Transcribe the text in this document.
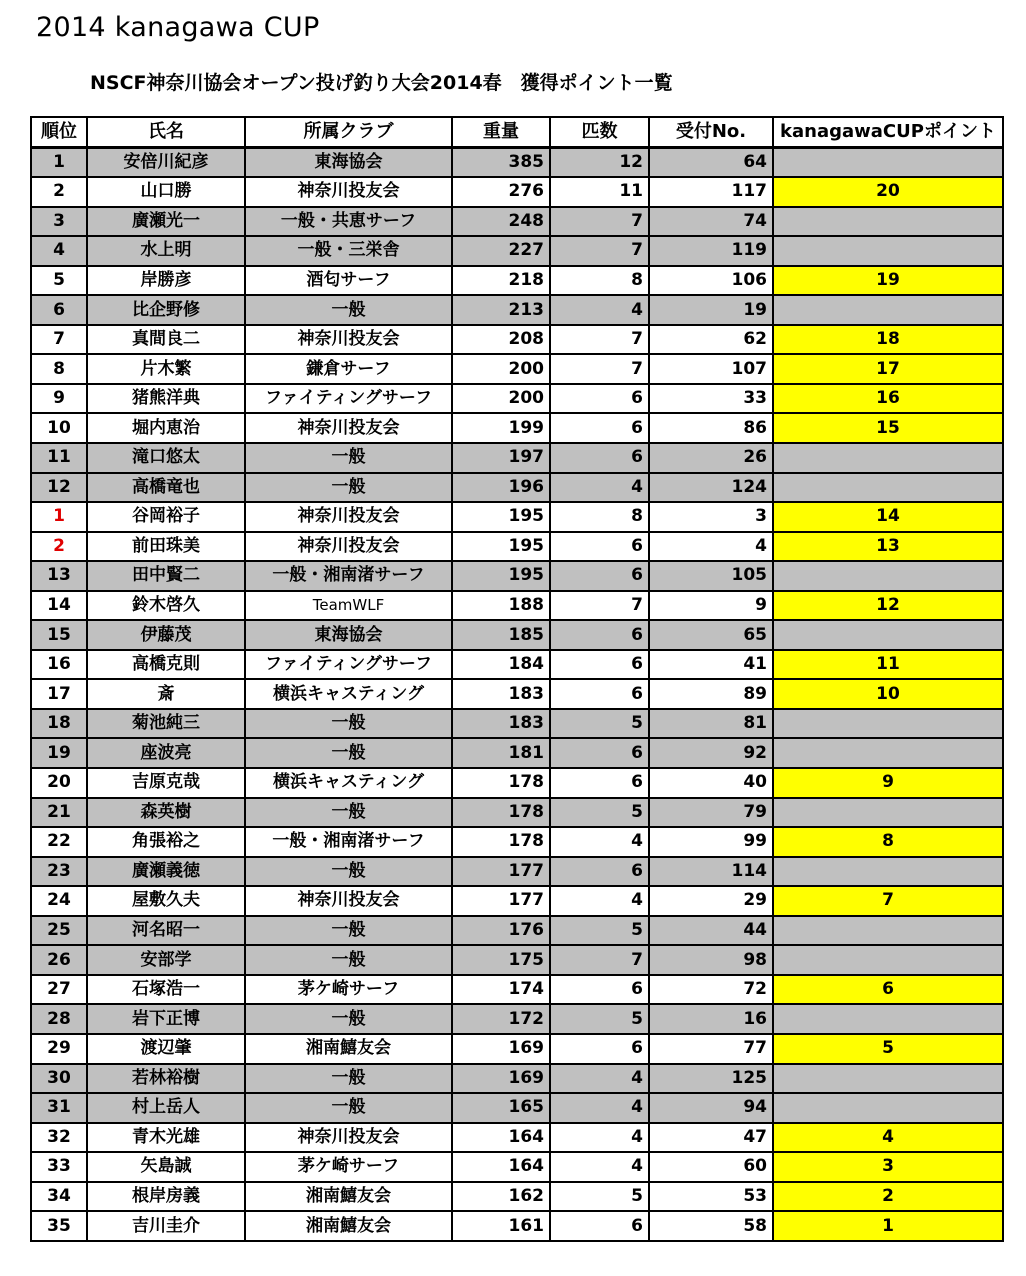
2014 kanagawa CUP
NSCF神奈川協会オープン投げ釣り大会2014春　獲得ポイント一覧
順位	氏名	所属クラブ	重量	匹数	受付No.	kanagawaCUPポイント
1	安倍川紀彦	東海協会	385	12	64	
2	山口勝	神奈川投友会	276	11	117	20
3	廣瀬光一	一般・共恵サーフ	248	7	74	
4	水上明	一般・三栄舎	227	7	119	
5	岸勝彦	酒匂サーフ	218	8	106	19
6	比企野修	一般	213	4	19	
7	真間良二	神奈川投友会	208	7	62	18
8	片木繁	鎌倉サーフ	200	7	107	17
9	猪熊洋典	ファイティングサーフ	200	6	33	16
10	堀内恵治	神奈川投友会	199	6	86	15
11	滝口悠太	一般	197	6	26	
12	高橋竜也	一般	196	4	124	
1	谷岡裕子	神奈川投友会	195	8	3	14
2	前田珠美	神奈川投友会	195	6	4	13
13	田中賢二	一般・湘南渚サーフ	195	6	105	
14	鈴木啓久	TeamWLF	188	7	9	12
15	伊藤茂	東海協会	185	6	65	
16	高橋克則	ファイティングサーフ	184	6	41	11
17	斎	横浜キャスティング	183	6	89	10
18	菊池純三	一般	183	5	81	
19	座波亮	一般	181	6	92	
20	吉原克哉	横浜キャスティング	178	6	40	9
21	森英樹	一般	178	5	79	
22	角張裕之	一般・湘南渚サーフ	178	4	99	8
23	廣瀬義徳	一般	177	6	114	
24	屋敷久夫	神奈川投友会	177	4	29	7
25	河名昭一	一般	176	5	44	
26	安部学	一般	175	7	98	
27	石塚浩一	茅ケ崎サーフ	174	6	72	6
28	岩下正博	一般	172	5	16	
29	渡辺肇	湘南鱚友会	169	6	77	5
30	若林裕樹	一般	169	4	125	
31	村上岳人	一般	165	4	94	
32	青木光雄	神奈川投友会	164	4	47	4
33	矢島誠	茅ケ崎サーフ	164	4	60	3
34	根岸房義	湘南鱚友会	162	5	53	2
35	吉川圭介	湘南鱚友会	161	6	58	1
